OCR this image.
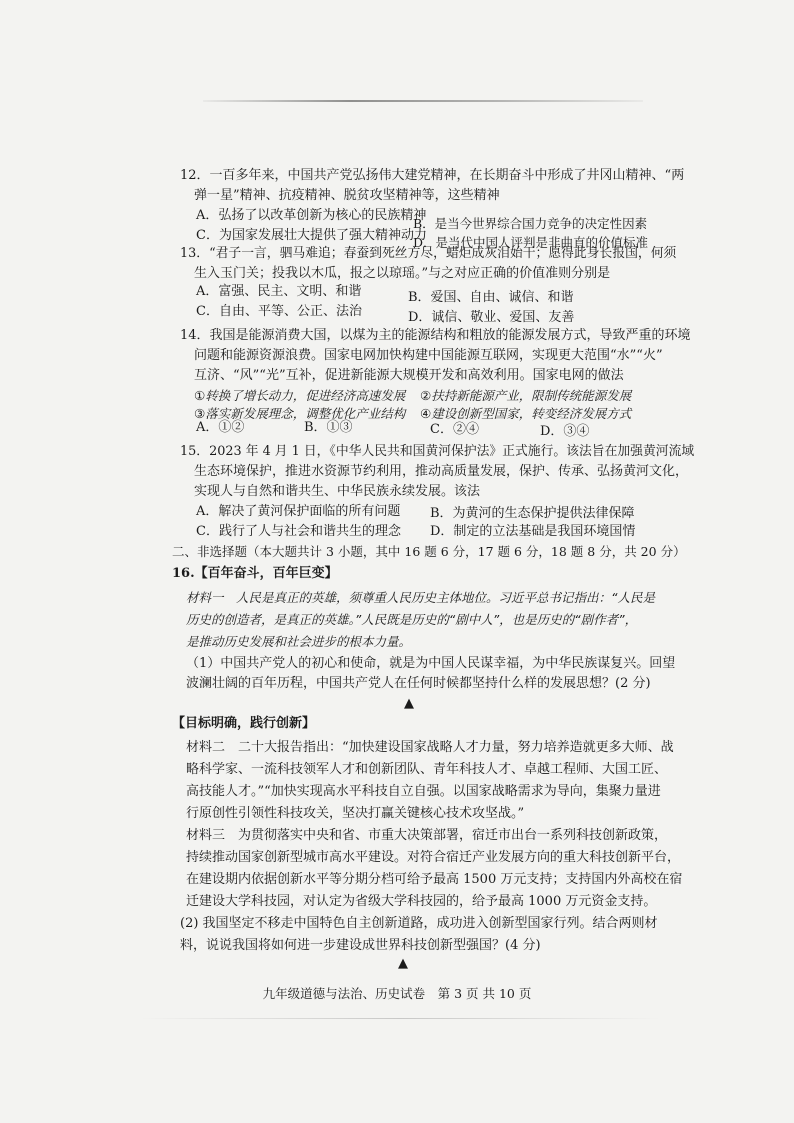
12．一百多年来，中国共产党弘扬伟大建党精神，在长期奋斗中形成了井冈山精神、“两
弹一星”精神、抗疫精神、脱贫攻坚精神等，这些精神
A．弘扬了以改革创新为核心的民族精神
B．是当今世界综合国力竞争的决定性因素
C．为国家发展壮大提供了强大精神动力
D．是当代中国人评判是非曲直的价值标准
13．“君子一言，驷马难追；春蚕到死丝方尽，蜡炬成灰泪始干；愿得此身长报国，何须
生入玉门关；投我以木瓜，报之以琼瑶。”与之对应正确的价值准则分别是
A．富强、民主、文明、和谐	B．爱国、自由、诚信、和谐
C．自由、平等、公正、法治	D．诚信、敬业、爱国、友善
14．我国是能源消费大国，以煤为主的能源结构和粗放的能源发展方式，导致严重的环境
问题和能源资源浪费。国家电网加快构建中国能源互联网，实现更大范围“水”“火”
互济、“风”“光”互补，促进新能源大规模开发和高效利用。国家电网的做法
①转换了增长动力，促进经济高速发展 ②扶持新能源产业，限制传统能源发展
③落实新发展理念，调整优化产业结构 ④建设创新型国家，转变经济发展方式
A．①②	B．①③	C．②④	D．③④
15．2023 年 4 月 1 日，《中华人民共和国黄河保护法》正式施行。该法旨在加强黄河流域
生态环境保护，推进水资源节约利用，推动高质量发展，保护、传承、弘扬黄河文化，
实现人与自然和谐共生、中华民族永续发展。该法
A．解决了黄河保护面临的所有问题 B．为黄河的生态保护提供法律保障
C．践行了人与社会和谐共生的理念 D．制定的立法基础是我国环境国情
二、非选择题（本大题共计 3 小题，其中 16 题 6 分，17 题 6 分，18 题 8 分，共 20 分）
16.【百年奋斗，百年巨变】
材料一　人民是真正的英雄，须尊重人民历史主体地位。习近平总书记指出：“人民是
历史的创造者，是真正的英雄。”人民既是历史的“剧中人”，也是历史的“剧作者”，
是推动历史发展和社会进步的根本力量。
（1）中国共产党人的初心和使命，就是为中国人民谋幸福，为中华民族谋复兴。回望
波澜壮阔的百年历程，中国共产党人在任何时候都坚持什么样的发展思想？(2 分)
▲
【目标明确，践行创新】
材料二　二十大报告指出：“加快建设国家战略人才力量，努力培养造就更多大师、战
略科学家、一流科技领军人才和创新团队、青年科技人才、卓越工程师、大国工匠、
高技能人才。”“加快实现高水平科技自立自强。以国家战略需求为导向，集聚力量进
行原创性引领性科技攻关，坚决打赢关键核心技术攻坚战。”
材料三　为贯彻落实中央和省、市重大决策部署，宿迁市出台一系列科技创新政策，
持续推动国家创新型城市高水平建设。对符合宿迁产业发展方向的重大科技创新平台，
在建设期内依据创新水平等分期分档可给予最高 1500 万元支持；支持国内外高校在宿
迁建设大学科技园，对认定为省级大学科技园的，给予最高 1000 万元资金支持。
(2) 我国坚定不移走中国特色自主创新道路，成功进入创新型国家行列。结合两则材
料，说说我国将如何进一步建设成世界科技创新型强国？(4 分)
▲
九年级道德与法治、历史试卷　第 3 页 共 10 页
